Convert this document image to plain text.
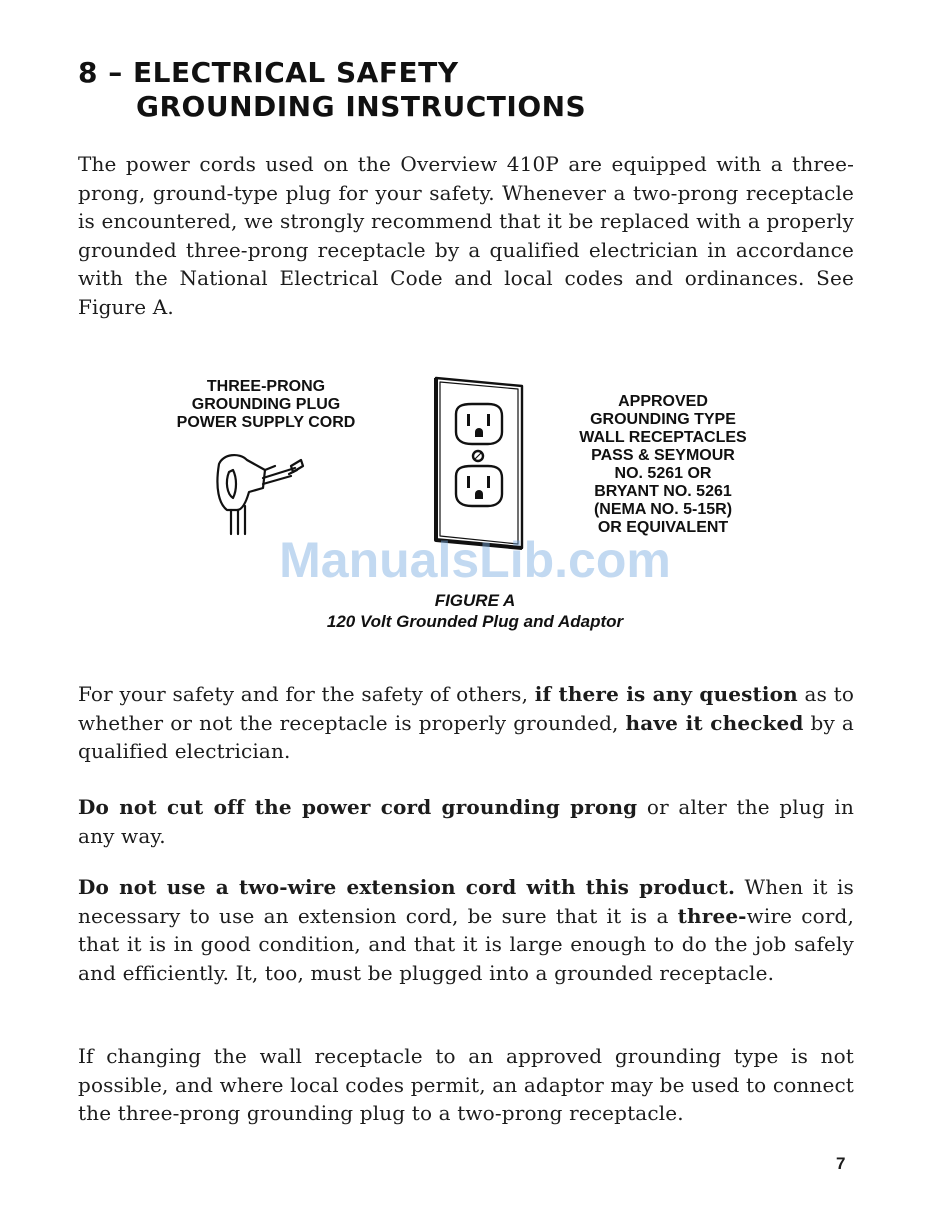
8 – ELECTRICAL SAFETY
GROUNDING INSTRUCTIONS

The power cords used on the Overview 410P are equipped with a three-prong, ground-type plug for your safety. Whenever a two-prong receptacle is encountered, we strongly recommend that it be replaced with a properly grounded three-prong receptacle by a qualified electrician in accordance with the National Electrical Code and local codes and ordinances. See Figure A.

THREE-PRONG
GROUNDING PLUG
POWER SUPPLY CORD

APPROVED
GROUNDING TYPE
WALL RECEPTACLES
PASS & SEYMOUR
NO. 5261 OR
BRYANT NO. 5261
(NEMA NO. 5-15R)
OR EQUIVALENT

ManualsLib.com

FIGURE A

120 Volt Grounded Plug and Adaptor

For your safety and for the safety of others, if there is any question as to whether or not the receptacle is properly grounded, have it checked by a qualified electrician.

Do not cut off the power cord grounding prong or alter the plug in any way.

Do not use a two-wire extension cord with this product. When it is necessary to use an extension cord, be sure that it is a three-wire cord, that it is in good condition, and that it is large enough to do the job safely and efficiently. It, too, must be plugged into a grounded receptacle.

If changing the wall receptacle to an approved grounding type is not possible, and where local codes permit, an adaptor may be used to connect the three-prong grounding plug to a two-prong receptacle.

7
